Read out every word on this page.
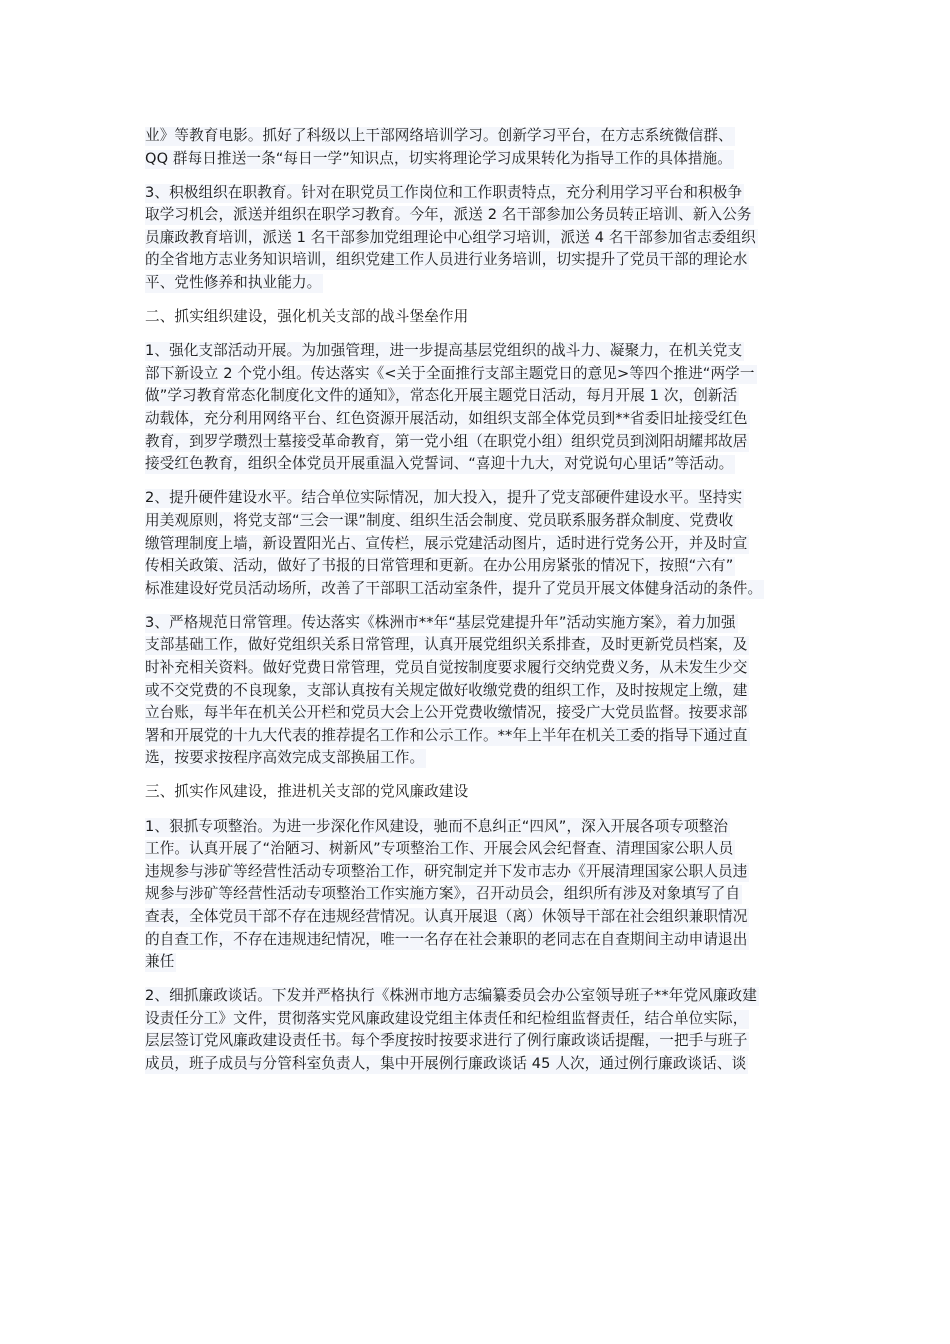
业》等教育电影。抓好了科级以上干部网络培训学习。创新学习平台，在方志系统微信群、
QQ 群每日推送一条“每日一学”知识点，切实将理论学习成果转化为指导工作的具体措施。

3、积极组织在职教育。针对在职党员工作岗位和工作职责特点，充分利用学习平台和积极争
取学习机会，派送并组织在职学习教育。今年，派送 2 名干部参加公务员转正培训、新入公务
员廉政教育培训，派送 1 名干部参加党组理论中心组学习培训，派送 4 名干部参加省志委组织
的全省地方志业务知识培训，组织党建工作人员进行业务培训，切实提升了党员干部的理论水
平、党性修养和执业能力。

二、抓实组织建设，强化机关支部的战斗堡垒作用

1、强化支部活动开展。为加强管理，进一步提高基层党组织的战斗力、凝聚力，在机关党支
部下新设立 2 个党小组。传达落实《<关于全面推行支部主题党日的意见>等四个推进“两学一
做”学习教育常态化制度化文件的通知》，常态化开展主题党日活动，每月开展 1 次，创新活
动载体，充分利用网络平台、红色资源开展活动，如组织支部全体党员到**省委旧址接受红色
教育，到罗学瓒烈士墓接受革命教育，第一党小组（在职党小组）组织党员到浏阳胡耀邦故居
接受红色教育，组织全体党员开展重温入党誓词、“喜迎十九大，对党说句心里话”等活动。

2、提升硬件建设水平。结合单位实际情况，加大投入，提升了党支部硬件建设水平。坚持实
用美观原则，将党支部“三会一课”制度、组织生活会制度、党员联系服务群众制度、党费收
缴管理制度上墙，新设置阳光占、宣传栏，展示党建活动图片，适时进行党务公开，并及时宣
传相关政策、活动，做好了书报的日常管理和更新。在办公用房紧张的情况下，按照“六有”
标准建设好党员活动场所，改善了干部职工活动室条件，提升了党员开展文体健身活动的条件。

3、严格规范日常管理。传达落实《株洲市**年“基层党建提升年”活动实施方案》，着力加强
支部基础工作，做好党组织关系日常管理，认真开展党组织关系排查，及时更新党员档案，及
时补充相关资料。做好党费日常管理，党员自觉按制度要求履行交纳党费义务，从未发生少交
或不交党费的不良现象，支部认真按有关规定做好收缴党费的组织工作，及时按规定上缴，建
立台账，每半年在机关公开栏和党员大会上公开党费收缴情况，接受广大党员监督。按要求部
署和开展党的十九大代表的推荐提名工作和公示工作。**年上半年在机关工委的指导下通过直
选，按要求按程序高效完成支部换届工作。

三、抓实作风建设，推进机关支部的党风廉政建设

1、狠抓专项整治。为进一步深化作风建设，驰而不息纠正“四风”，深入开展各项专项整治
工作。认真开展了“治陋习、树新风”专项整治工作、开展会风会纪督查、清理国家公职人员
违规参与涉矿等经营性活动专项整治工作，研究制定并下发市志办《开展清理国家公职人员违
规参与涉矿等经营性活动专项整治工作实施方案》，召开动员会，组织所有涉及对象填写了自
查表，全体党员干部不存在违规经营情况。认真开展退（离）休领导干部在社会组织兼职情况
的自查工作，不存在违规违纪情况，唯一一名存在社会兼职的老同志在自查期间主动申请退出
兼任

2、细抓廉政谈话。下发并严格执行《株洲市地方志编纂委员会办公室领导班子**年党风廉政建
设责任分工》文件，贯彻落实党风廉政建设党组主体责任和纪检组监督责任，结合单位实际，
层层签订党风廉政建设责任书。每个季度按时按要求进行了例行廉政谈话提醒，一把手与班子
成员，班子成员与分管科室负责人，集中开展例行廉政谈话 45 人次，通过例行廉政谈话、谈
